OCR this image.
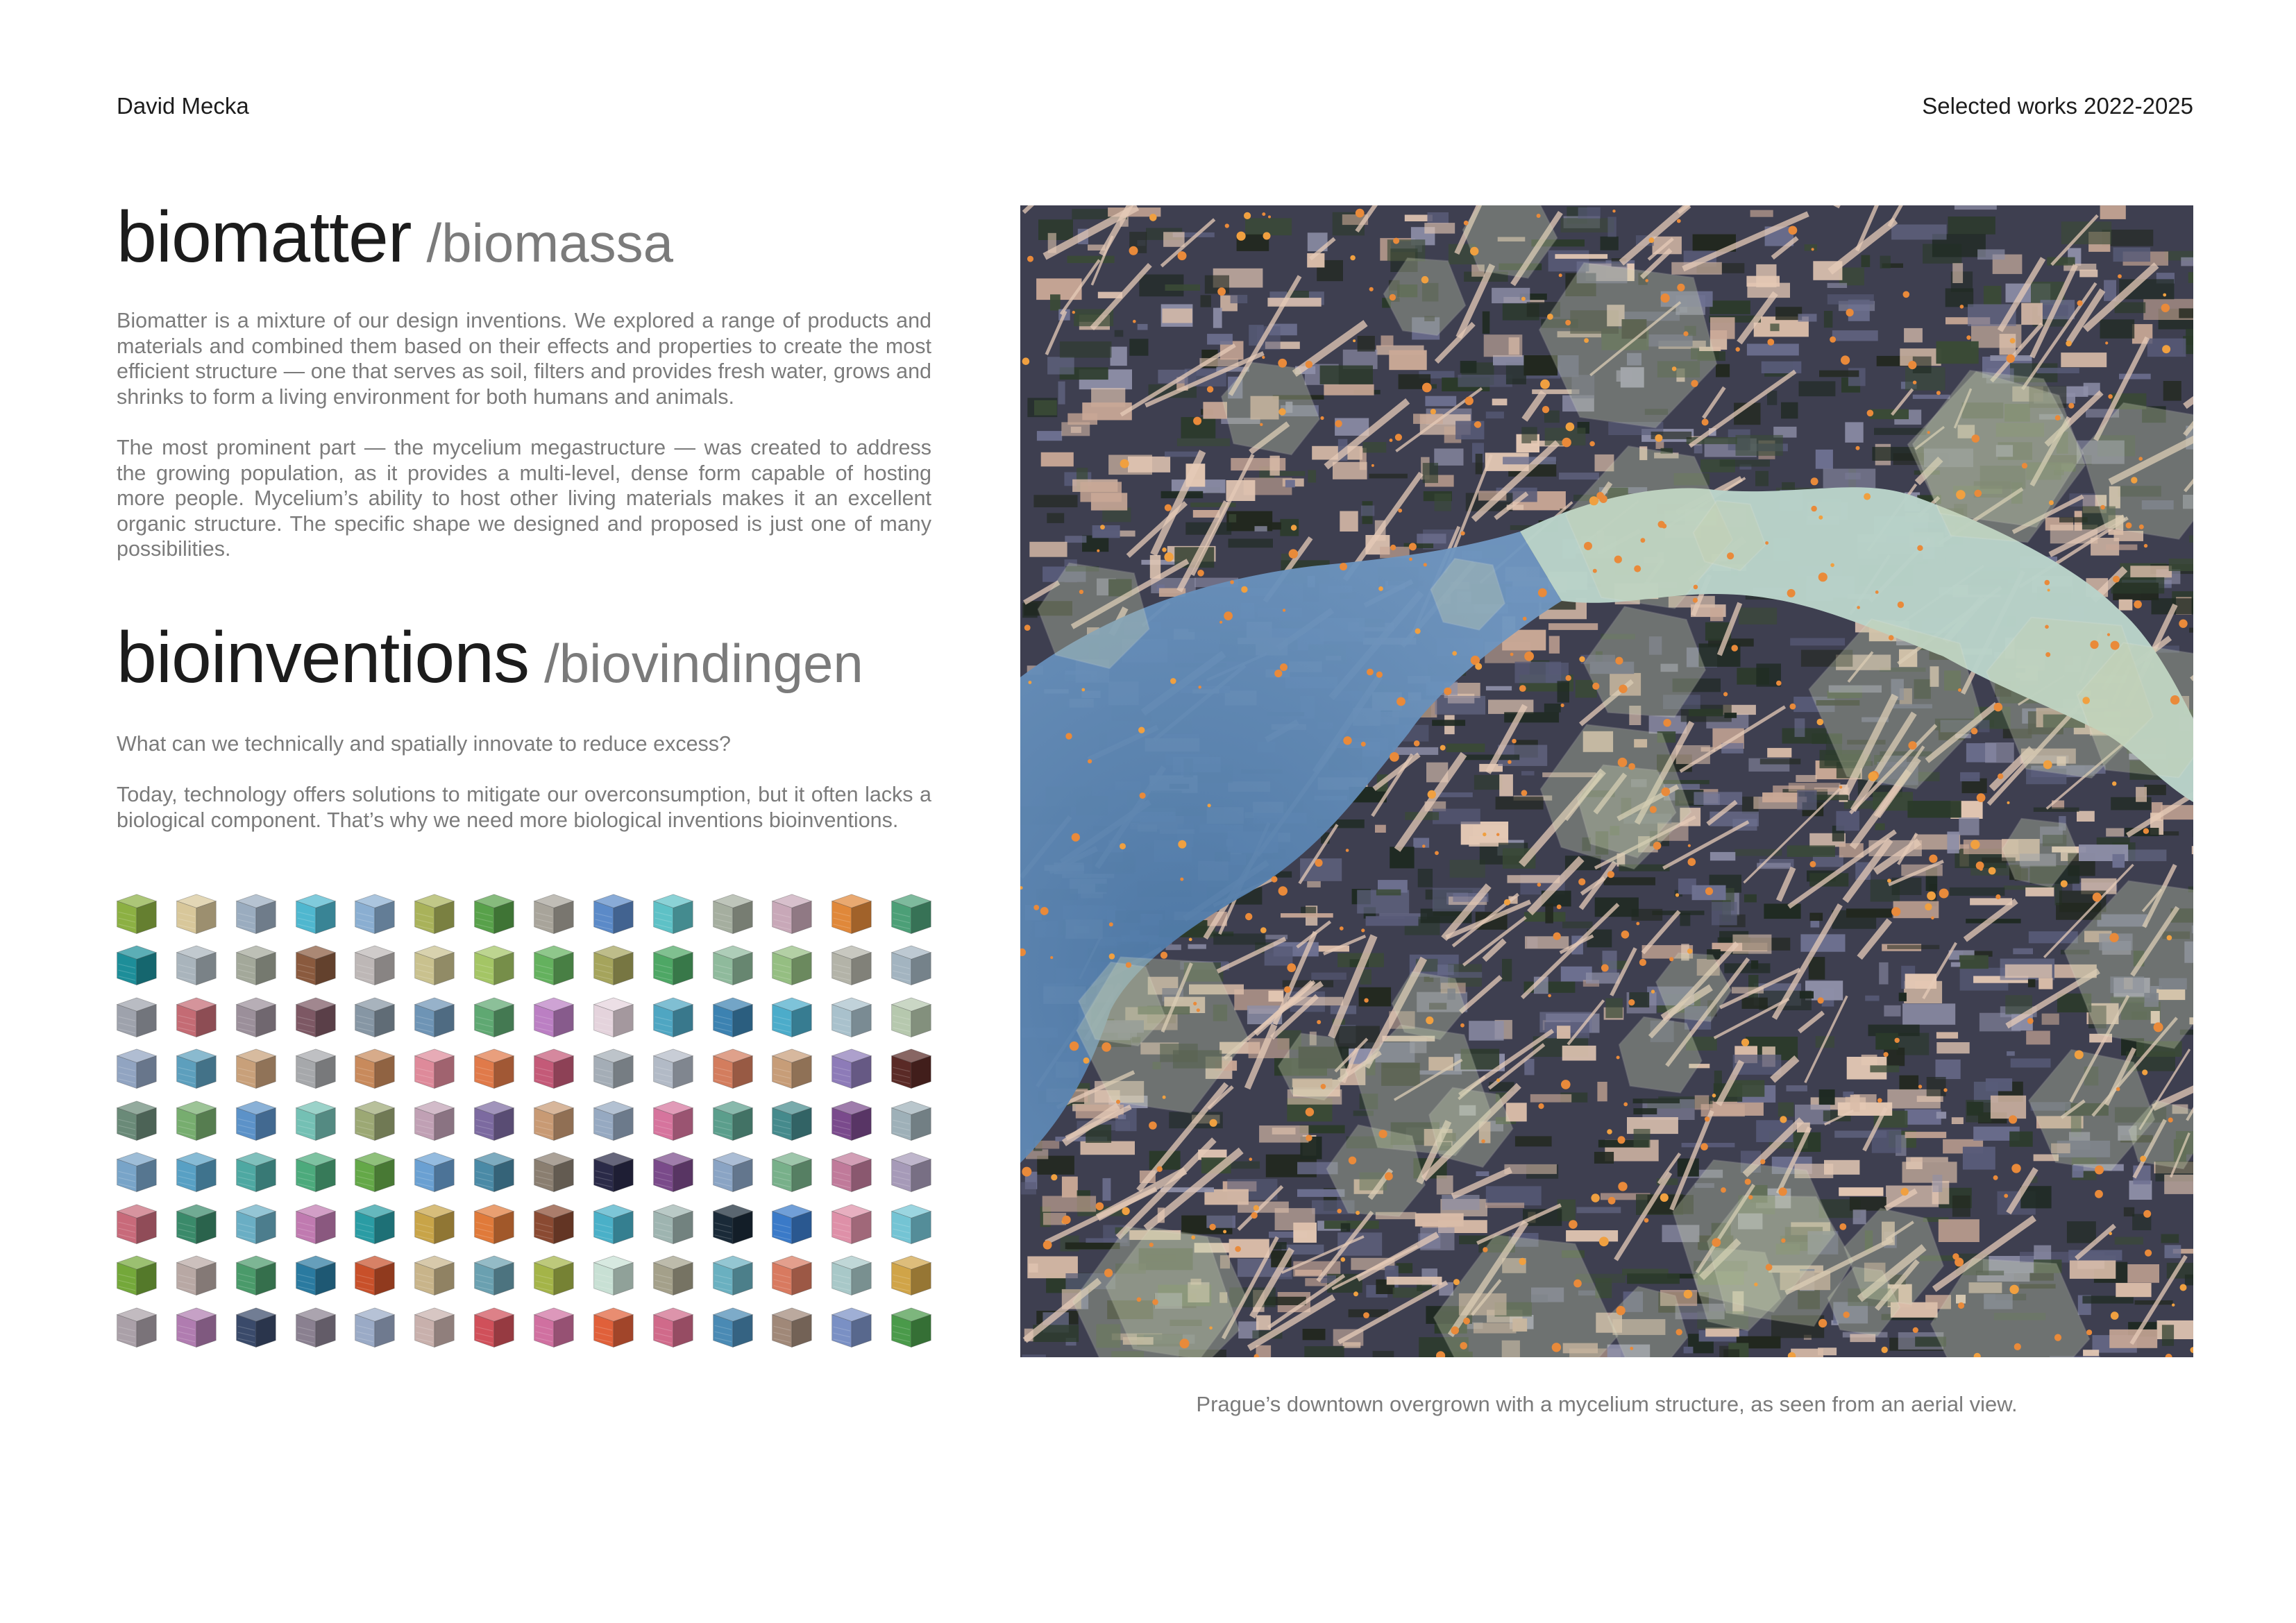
David Mecka	Selected works 2022-2025
biomatter /biomassa

Biomatter is a mixture of our design inventions. We explored a range of products and materials and combined them based on their effects and properties to create the most efficient structure — one that serves as soil, filters and provides fresh water, grows and shrinks to form a living environment for both humans and animals.

The most prominent part — the mycelium megastructure — was created to address the growing population, as it provides a multi-level, dense form capable of hosting more people. Mycelium’s ability to host other living materials makes it an excellent organic structure. The specific shape we designed and proposed is just one of many possibilities.

bioinventions /biovindingen

What can we technically and spatially innovate to reduce excess?

Today, technology offers solutions to mitigate our overconsumption, but it often lacks a biological component. That’s why we need more biological inventions bioinventions.

Prague’s downtown overgrown with a mycelium structure, as seen from an aerial view.
